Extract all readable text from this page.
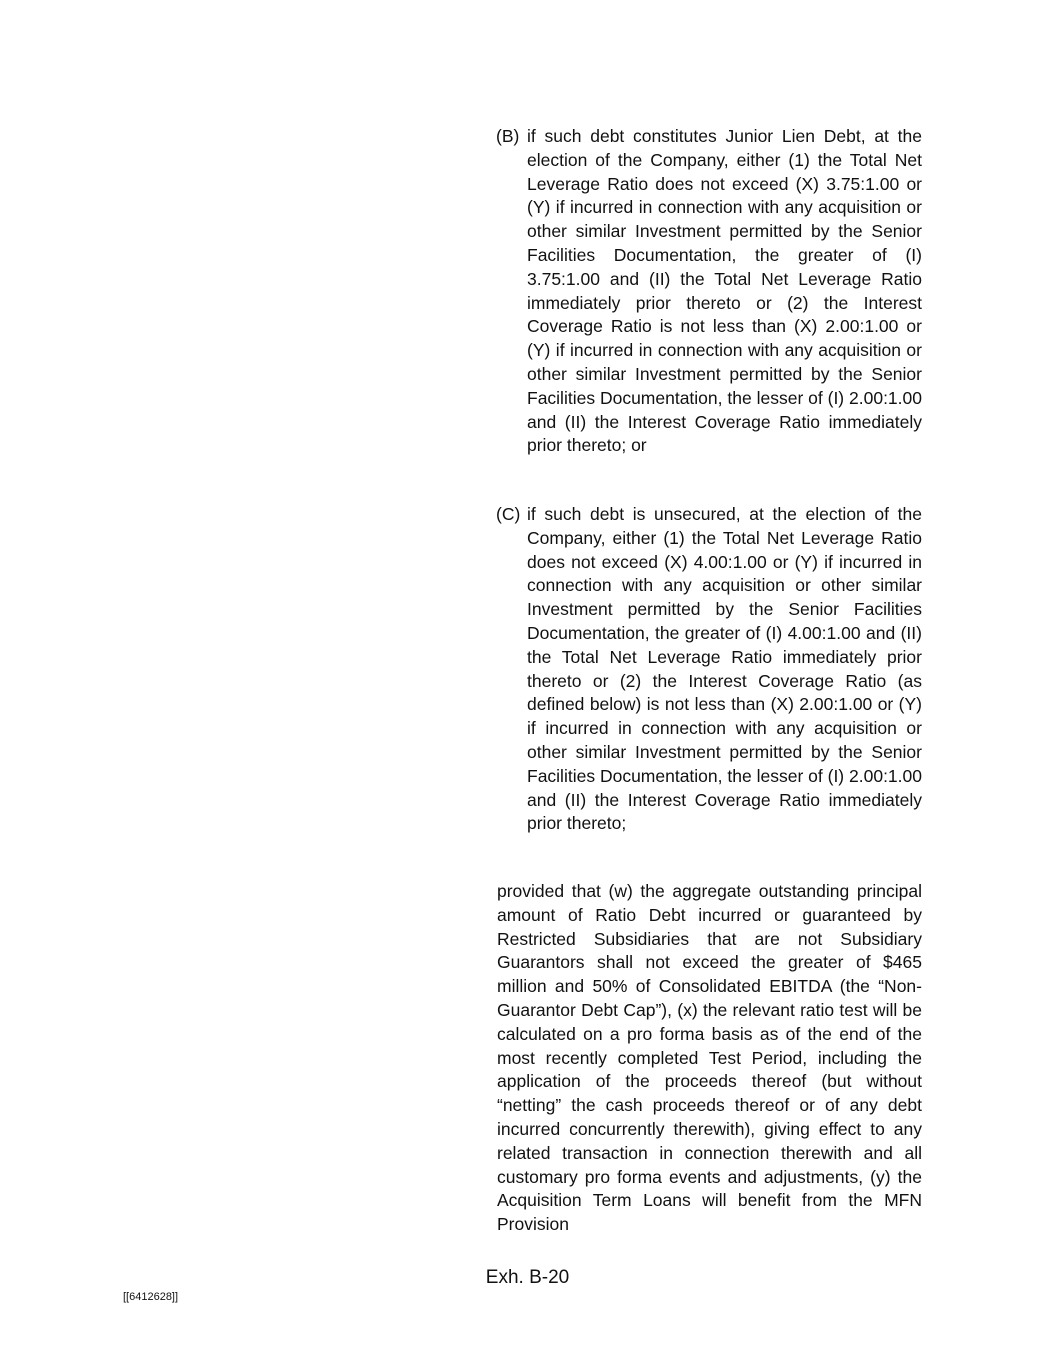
(B) if such debt constitutes Junior Lien Debt, at the election of the Company, either (1) the Total Net Leverage Ratio does not exceed (X) 3.75:1.00 or (Y) if incurred in connection with any acquisition or other similar Investment permitted by the Senior Facilities Documentation, the greater of (I) 3.75:1.00 and (II) the Total Net Leverage Ratio immediately prior thereto or (2) the Interest Coverage Ratio is not less than (X) 2.00:1.00 or (Y) if incurred in connection with any acquisition or other similar Investment permitted by the Senior Facilities Documentation, the lesser of (I) 2.00:1.00 and (II) the Interest Coverage Ratio immediately prior thereto; or
(C) if such debt is unsecured, at the election of the Company, either (1) the Total Net Leverage Ratio does not exceed (X) 4.00:1.00 or (Y) if incurred in connection with any acquisition or other similar Investment permitted by the Senior Facilities Documentation, the greater of (I) 4.00:1.00 and (II) the Total Net Leverage Ratio immediately prior thereto or (2) the Interest Coverage Ratio (as defined below) is not less than (X) 2.00:1.00 or (Y) if incurred in connection with any acquisition or other similar Investment permitted by the Senior Facilities Documentation, the lesser of (I) 2.00:1.00 and (II) the Interest Coverage Ratio immediately prior thereto;
provided that (w) the aggregate outstanding principal amount of Ratio Debt incurred or guaranteed by Restricted Subsidiaries that are not Subsidiary Guarantors shall not exceed the greater of $465 million and 50% of Consolidated EBITDA (the “Non-Guarantor Debt Cap”), (x) the relevant ratio test will be calculated on a pro forma basis as of the end of the most recently completed Test Period, including the application of the proceeds thereof (but without “netting” the cash proceeds thereof or of any debt incurred concurrently therewith), giving effect to any related transaction in connection therewith and all customary pro forma events and adjustments, (y) the Acquisition Term Loans will benefit from the MFN Provision
Exh. B-20
[[6412628]]
